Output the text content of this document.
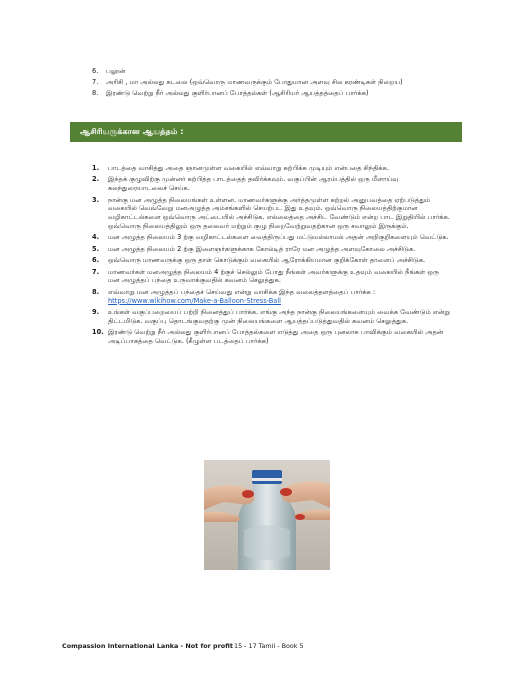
6.	பலூன்
7.	அரிசி , மா அல்லது கடலை (ஒவ்வொரு மாணவருக்கும் போதுமான அளவு சில கரண்டிகள் நிறைய)
8.	இரண்டு வெற்று நீர் அல்லது குளிர்பானப் போத்தல்கள் (ஆசிரியர் ஆயத்தத்தைப் பார்க்க)
ஆசிரியருக்கான ஆயத்தம் :
1.	பாடத்தை வாசித்து அதை ஞானமுள்ள வகையில் எவ்வாறு கற்பிக்க முடியும் என்பதை சிந்திக்க.
2.	இந்தக் குழுவிற்கு முன்னர் கற்பித்த பாடத்தைத் தவிர்க்கவும். வகுப்பின் ஆரம்பத்தில் ஒரு மீளாய்வு கலந்துரையாடலைச் செய்க.
3.	நான்கு மன அழுத்த நிலையங்கள் உள்ளன. மாணவர்களுக்கு அர்த்தமுள்ள கற்றல் அனுபவத்தை ஏற்படுத்தும் வகையில் வெவ்வேறு மனஅழுத்த அம்சங்களில் செயற்பட இது உதவும். ஒவ்வொரு நிலையத்திற்குமான வழிகாட்டல்களை ஒவ்வொரு அட்டையில் அச்சிடுக. எல்லைத்தை அச்சிட வேண்டும் என்ற பாட இறுதியில் பார்க்க. ஒவ்வொரு நிலையத்திலும் ஒரு தலைவர் மற்றும் குழு நிறைவேற்றுவதற்கான ஒரு சவாலும் இருக்கும்.
4.	மன அழுத்த நிலையம் 3 ற்கு வழிகாட்டல்களை வைத்திருப்பது மட்டுமல்லாமல் அதன் அறிகுறிகளையும் வெட்டுக.
5.	மன அழுத்த நிலையம் 2 ற்கு இளைஞர்களுக்காக கோல்டித் ராரே மன அழுத்த அளவுகோலை அச்சிடுக.
6.	ஒவ்வொரு மாணவருக்கு ஒரு தாள் கொடுக்கும் வகையில் ஆரோக்கியமான குறிக்கோள் தாளைப் அச்சிடுக.
7.	மாணவர்கள் மனஅழுத்த நிலையம் 4 ற்குச் செல்லும் போது நீங்கள் அவர்களுக்கு உதவும் வகையில் நீங்கள் ஒரு மன அழுத்தப் பந்தை உருவாக்குவதில் கவனம் செலுத்துக.
8.	எவ்வாறு மன அழுத்தப் பந்தைச் செய்வது என்று வாசிக்க இந்த வலைத்தளத்தைப் பார்க்க :
https://www.wikihow.com/Make-a-Balloon-Stress-Ball
9.	உங்கள் வகுப்பறையைப் பற்றி நினைத்துப் பார்க்க. எங்கு அந்த நான்கு நிலையங்களையும் வைக்க வேண்டும் என்று திட்டமிடுக. வகுப்பு தொடங்குவதற்கு முன் நிலையங்களை ஆயத்தப்படுத்துவதில் கவனம் செலுத்துக.
10. இரண்டு வெற்று நீர் அல்லது குளிர்பானப் போத்தல்களை எடுத்து அதை ஒரு புனலாக பாவிக்கும் வகையில் அதன் அடிப்பாகத்தை வெட்டுக. (கீழுள்ள படத்தைப் பார்க்க)
Compassion International Lanka - Not for profit 15 - 17 Tamil - Book 5
